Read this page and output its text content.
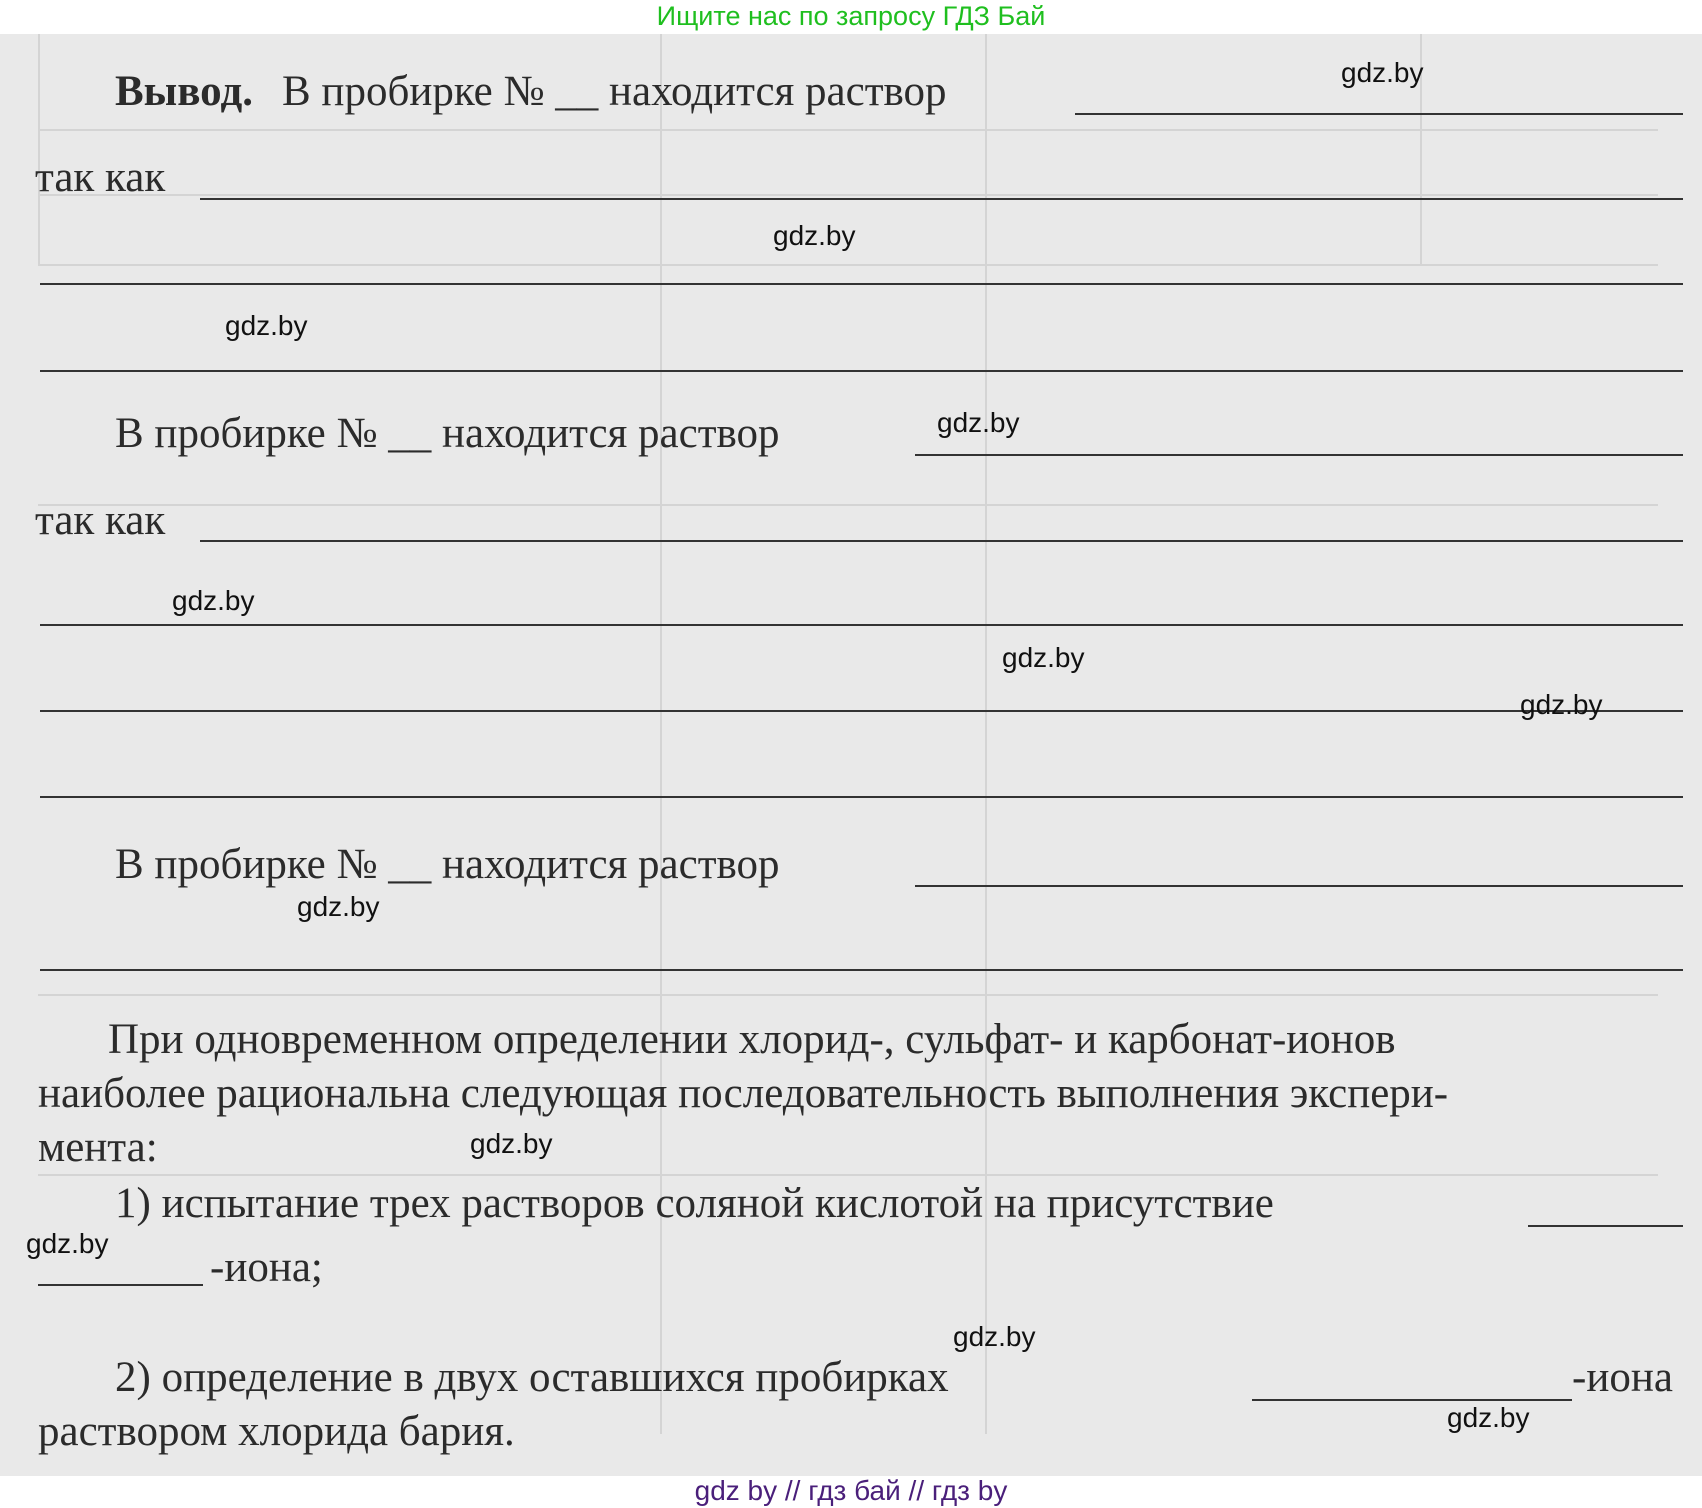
Ищите нас по запросу ГДЗ Бай
Вывод. В пробирке № __ находится раствор
так как
В пробирке № __ находится раствор
так как
В пробирке № __ находится раствор
При одновременном определении хлорид-, сульфат- и карбонат-ионов
наиболее рациональна следующая последовательность выполнения экспери-
мента:
1) испытание трех растворов соляной кислотой на присутствие
-иона;
2) определение в двух оставшихся пробирках	-иона
раствором хлорида бария.
gdz.by
gdz.by
gdz.by
gdz.by
gdz.by
gdz.by
gdz.by
gdz.by
gdz.by
gdz.by
gdz.by
gdz.by
gdz by // гдз бай // гдз by
